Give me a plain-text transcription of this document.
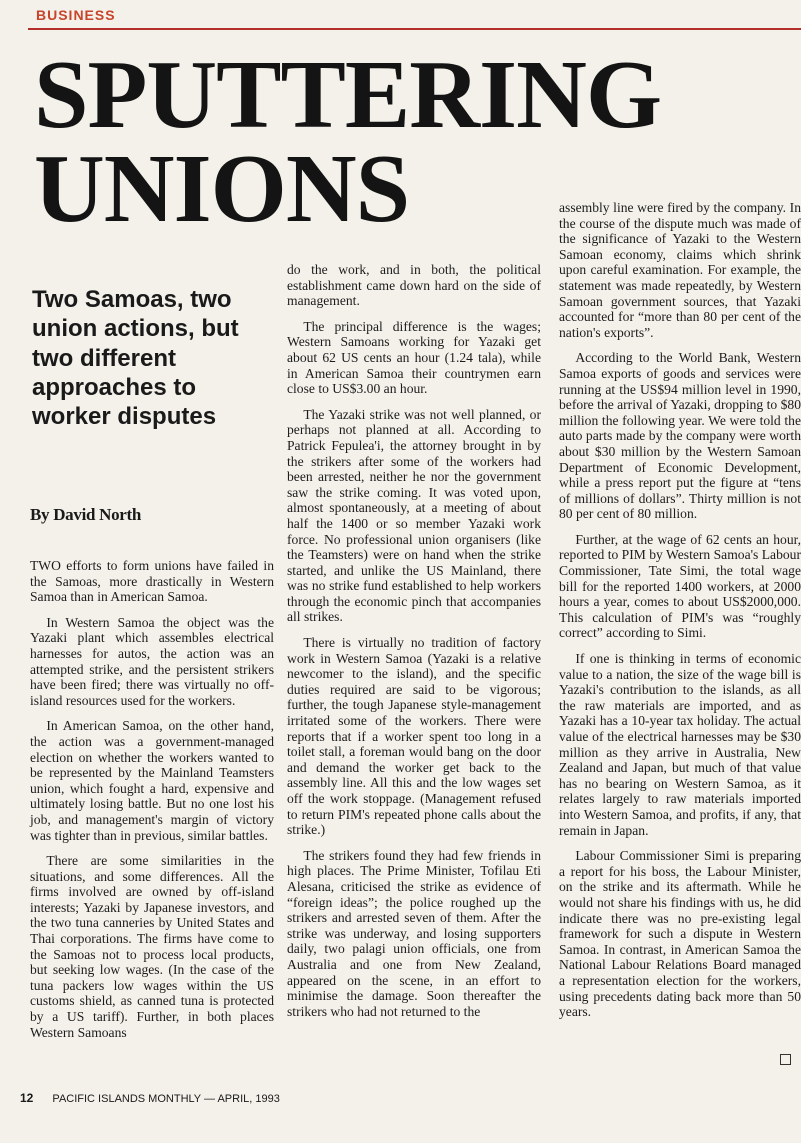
BUSINESS
SPUTTERING
UNIONS
Two Samoas, two union actions, but two different approaches to worker disputes
By David North

TWO efforts to form unions have failed in the Samoas, more drastically in Western Samoa than in American Samoa.

In Western Samoa the object was the Yazaki plant which assembles electrical harnesses for autos, the action was an attempted strike, and the persistent strikers have been fired; there was virtually no off-island resources used for the workers.

In American Samoa, on the other hand, the action was a government-managed election on whether the workers wanted to be represented by the Mainland Teamsters union, which fought a hard, expensive and ultimately losing battle. But no one lost his job, and management's margin of victory was tighter than in previous, similar battles.

There are some similarities in the situations, and some differences. All the firms involved are owned by off-island interests; Yazaki by Japanese investors, and the two tuna canneries by United States and Thai corporations. The firms have come to the Samoas not to process local products, but seeking low wages. (In the case of the tuna packers low wages within the US customs shield, as canned tuna is protected by a US tariff). Further, in both places Western Samoans

do the work, and in both, the political establishment came down hard on the side of management.

The principal difference is the wages; Western Samoans working for Yazaki get about 62 US cents an hour (1.24 tala), while in American Samoa their countrymen earn close to US$3.00 an hour.

The Yazaki strike was not well planned, or perhaps not planned at all. According to Patrick Fepulea'i, the attorney brought in by the strikers after some of the workers had been arrested, neither he nor the government saw the strike coming. It was voted upon, almost spontaneously, at a meeting of about half the 1400 or so member Yazaki work force. No professional union organisers (like the Teamsters) were on hand when the strike started, and unlike the US Mainland, there was no strike fund established to help workers through the economic pinch that accompanies all strikes.

There is virtually no tradition of factory work in Western Samoa (Yazaki is a relative newcomer to the island), and the specific duties required are said to be vigorous; further, the tough Japanese style-management irritated some of the workers. There were reports that if a worker spent too long in a toilet stall, a foreman would bang on the door and demand the worker get back to the assembly line. All this and the low wages set off the work stoppage. (Management refused to return PIM's repeated phone calls about the strike.)

The strikers found they had few friends in high places. The Prime Minister, Tofilau Eti Alesana, criticised the strike as evidence of “foreign ideas”; the police roughed up the strikers and arrested seven of them. After the strike was underway, and losing supporters daily, two palagi union officials, one from Australia and one from New Zealand, appeared on the scene, in an effort to minimise the damage. Soon thereafter the strikers who had not returned to the

assembly line were fired by the company. In the course of the dispute much was made of the significance of Yazaki to the Western Samoan economy, claims which shrink upon careful examination. For example, the statement was made repeatedly, by Western Samoan government sources, that Yazaki accounted for “more than 80 per cent of the nation's exports”.

According to the World Bank, Western Samoa exports of goods and services were running at the US$94 million level in 1990, before the arrival of Yazaki, dropping to $80 million the following year. We were told the auto parts made by the company were worth about $30 million by the Western Samoan Department of Economic Development, while a press report put the figure at “tens of millions of dollars”. Thirty million is not 80 per cent of 80 million.

Further, at the wage of 62 cents an hour, reported to PIM by Western Samoa's Labour Commissioner, Tate Simi, the total wage bill for the reported 1400 workers, at 2000 hours a year, comes to about US$2000,000. This calculation of PIM's was “roughly correct” according to Simi.

If one is thinking in terms of economic value to a nation, the size of the wage bill is Yazaki's contribution to the islands, as all the raw materials are imported, and as Yazaki has a 10-year tax holiday. The actual value of the electrical harnesses may be $30 million as they arrive in Australia, New Zealand and Japan, but much of that value has no bearing on Western Samoa, as it relates largely to raw materials imported into Western Samoa, and profits, if any, that remain in Japan.

Labour Commissioner Simi is preparing a report for his boss, the Labour Minister, on the strike and its aftermath. While he would not share his findings with us, he did indicate there was no pre-existing legal framework for such a dispute in Western Samoa. In contrast, in American Samoa the National Labour Relations Board managed a representation election for the workers, using precedents dating back more than 50 years.

12 PACIFIC ISLANDS MONTHLY — APRIL, 1993
